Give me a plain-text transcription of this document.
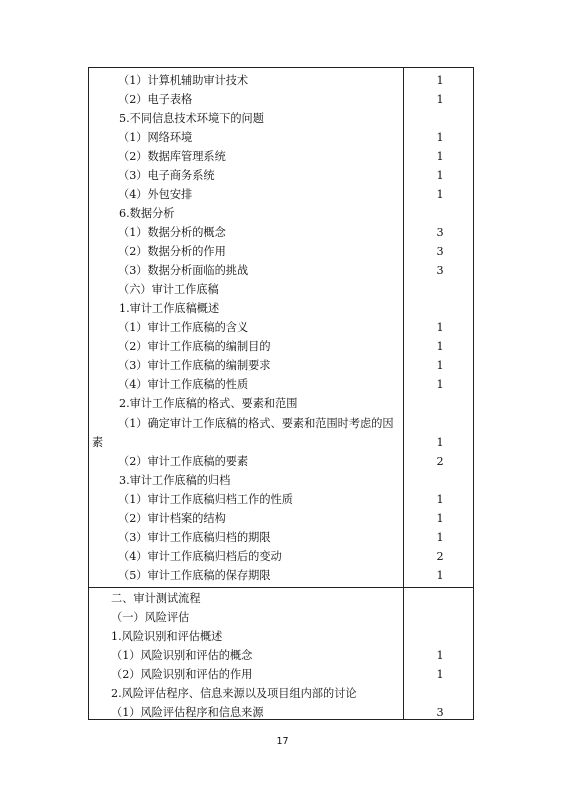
（1）计算机辅助审计技术	1
（2）电子表格	1
5.不同信息技术环境下的问题
（1）网络环境	1
（2）数据库管理系统	1
（3）电子商务系统	1
（4）外包安排	1
6.数据分析
（1）数据分析的概念	3
（2）数据分析的作用	3
（3）数据分析面临的挑战	3
（六）审计工作底稿
1.审计工作底稿概述
（1）审计工作底稿的含义	1
（2）审计工作底稿的编制目的	1
（3）审计工作底稿的编制要求	1
（4）审计工作底稿的性质	1
2.审计工作底稿的格式、要素和范围
（1）确定审计工作底稿的格式、要素和范围时考虑的因
素	1
（2）审计工作底稿的要素	2
3.审计工作底稿的归档
（1）审计工作底稿归档工作的性质	1
（2）审计档案的结构	1
（3）审计工作底稿归档的期限	1
（4）审计工作底稿归档后的变动	2
（5）审计工作底稿的保存期限	1
二、审计测试流程
（一）风险评估
1.风险识别和评估概述
（1）风险识别和评估的概念	1
（2）风险识别和评估的作用	1
2.风险评估程序、信息来源以及项目组内部的讨论
（1）风险评估程序和信息来源	3
17
